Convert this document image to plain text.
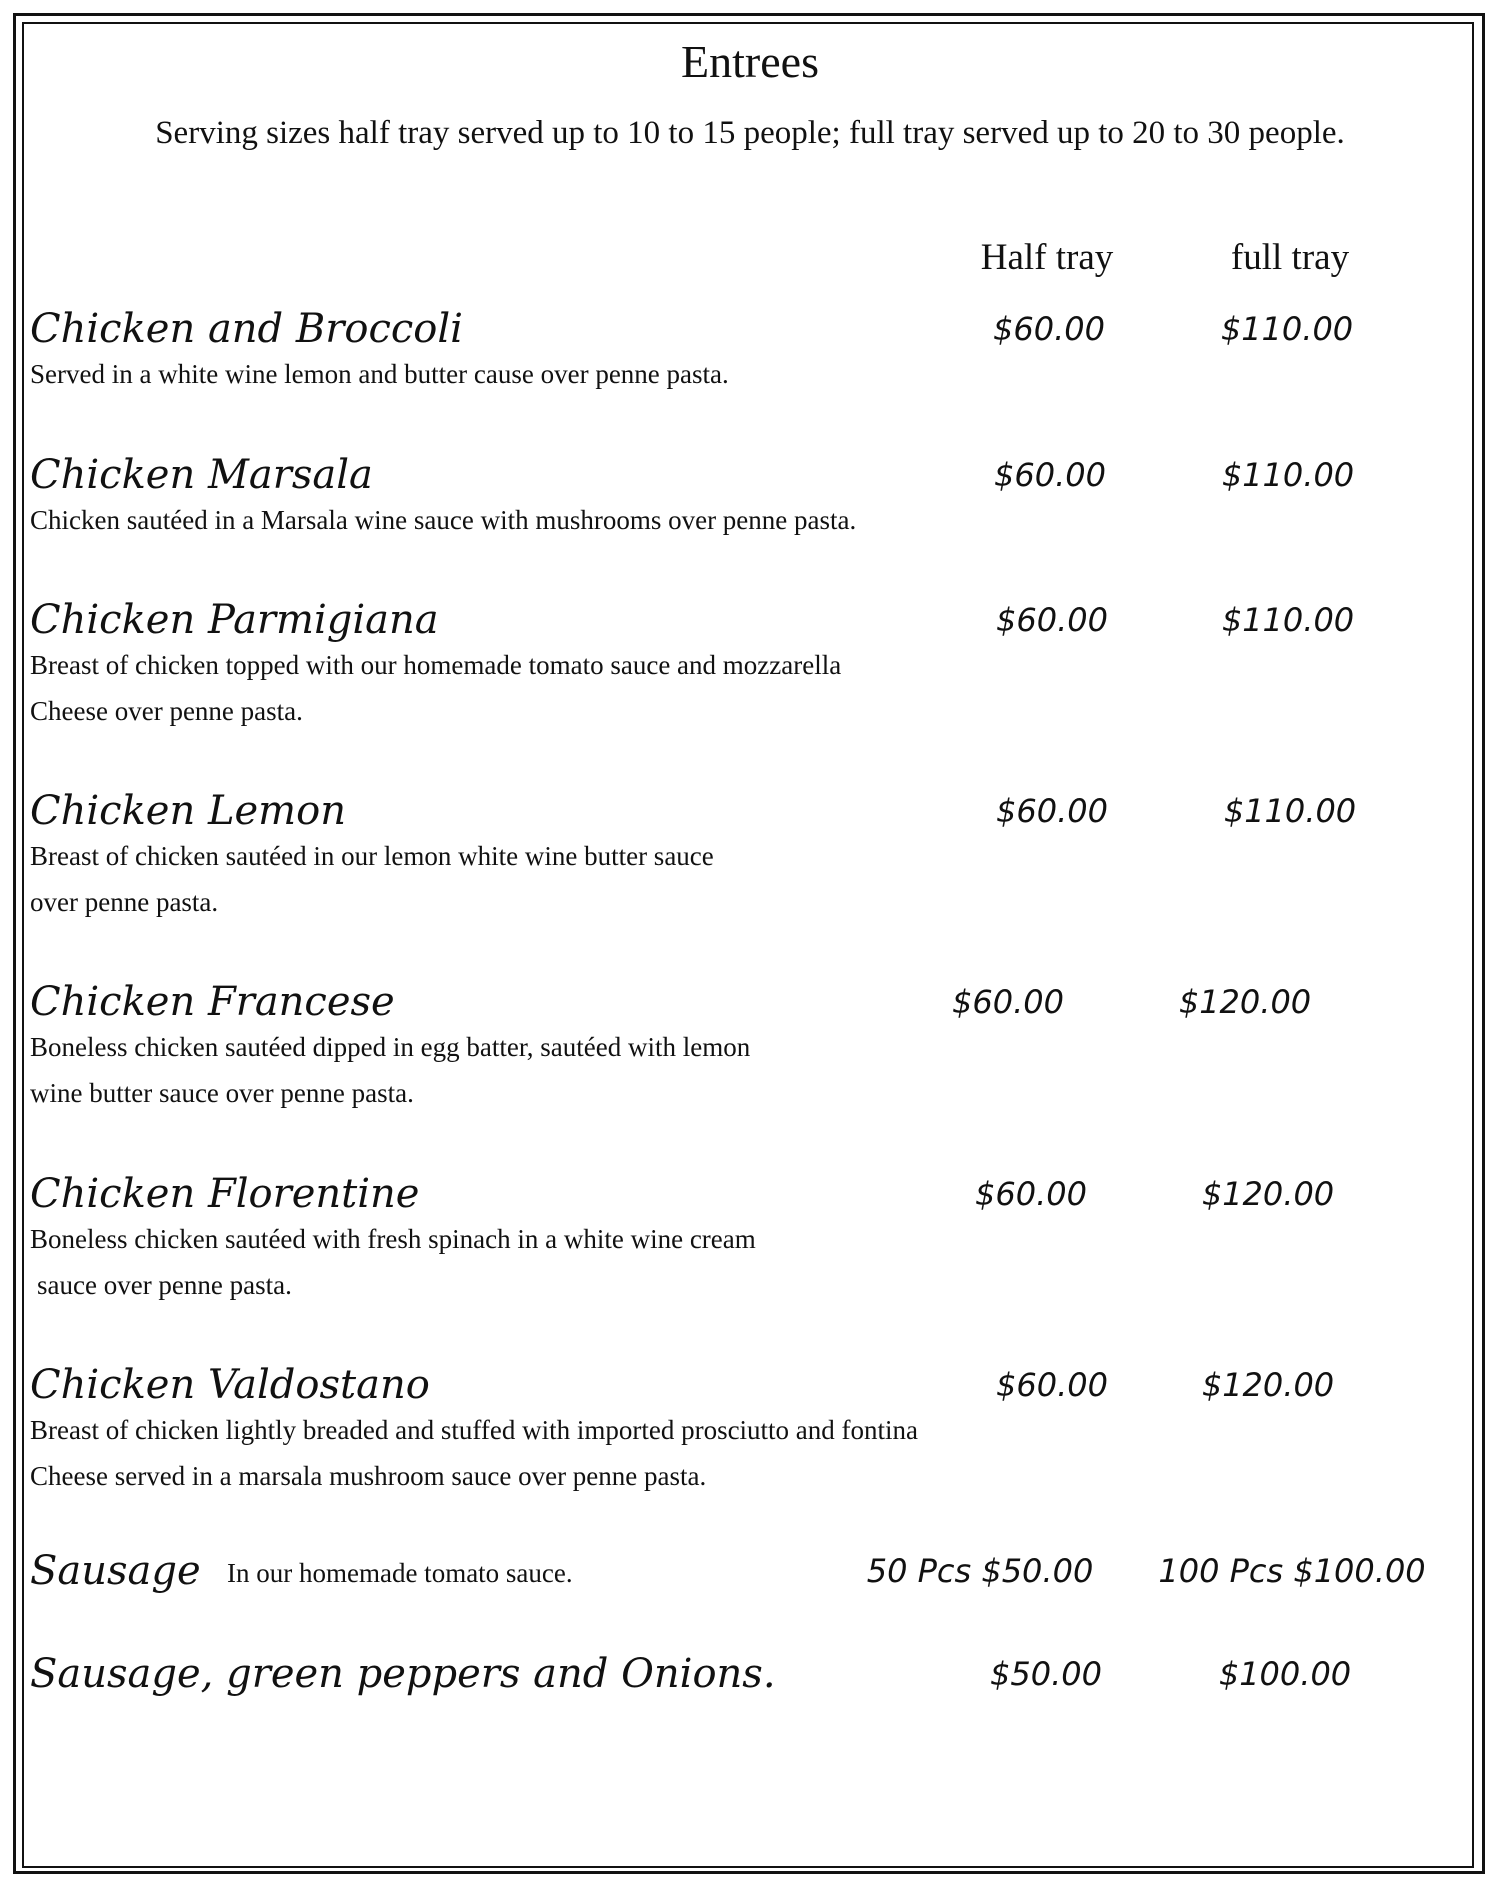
Entrees
Serving sizes half tray served up to 10 to 15 people; full tray served up to 20 to 30 people.
Half tray	full tray
Chicken and Broccoli	$60.00	$110.00
Served in a white wine lemon and butter cause over penne pasta.
Chicken Marsala	$60.00	$110.00
Chicken sautéed in a Marsala wine sauce with mushrooms over penne pasta.
Chicken Parmigiana	$60.00	$110.00
Breast of chicken topped with our homemade tomato sauce and mozzarella
Cheese over penne pasta.
Chicken Lemon	$60.00	$110.00
Breast of chicken sautéed in our lemon white wine butter sauce
over penne pasta.
Chicken Francese	$60.00	$120.00
Boneless chicken sautéed dipped in egg batter, sautéed with lemon
wine butter sauce over penne pasta.
Chicken Florentine	$60.00	$120.00
Boneless chicken sautéed with fresh spinach in a white wine cream
sauce over penne pasta.
Chicken Valdostano	$60.00	$120.00
Breast of chicken lightly breaded and stuffed with imported prosciutto and fontina
Cheese served in a marsala mushroom sauce over penne pasta.
Sausage In our homemade tomato sauce.	50 Pcs $50.00 100 Pcs $100.00
Sausage, green peppers and Onions.	$50.00	$100.00
